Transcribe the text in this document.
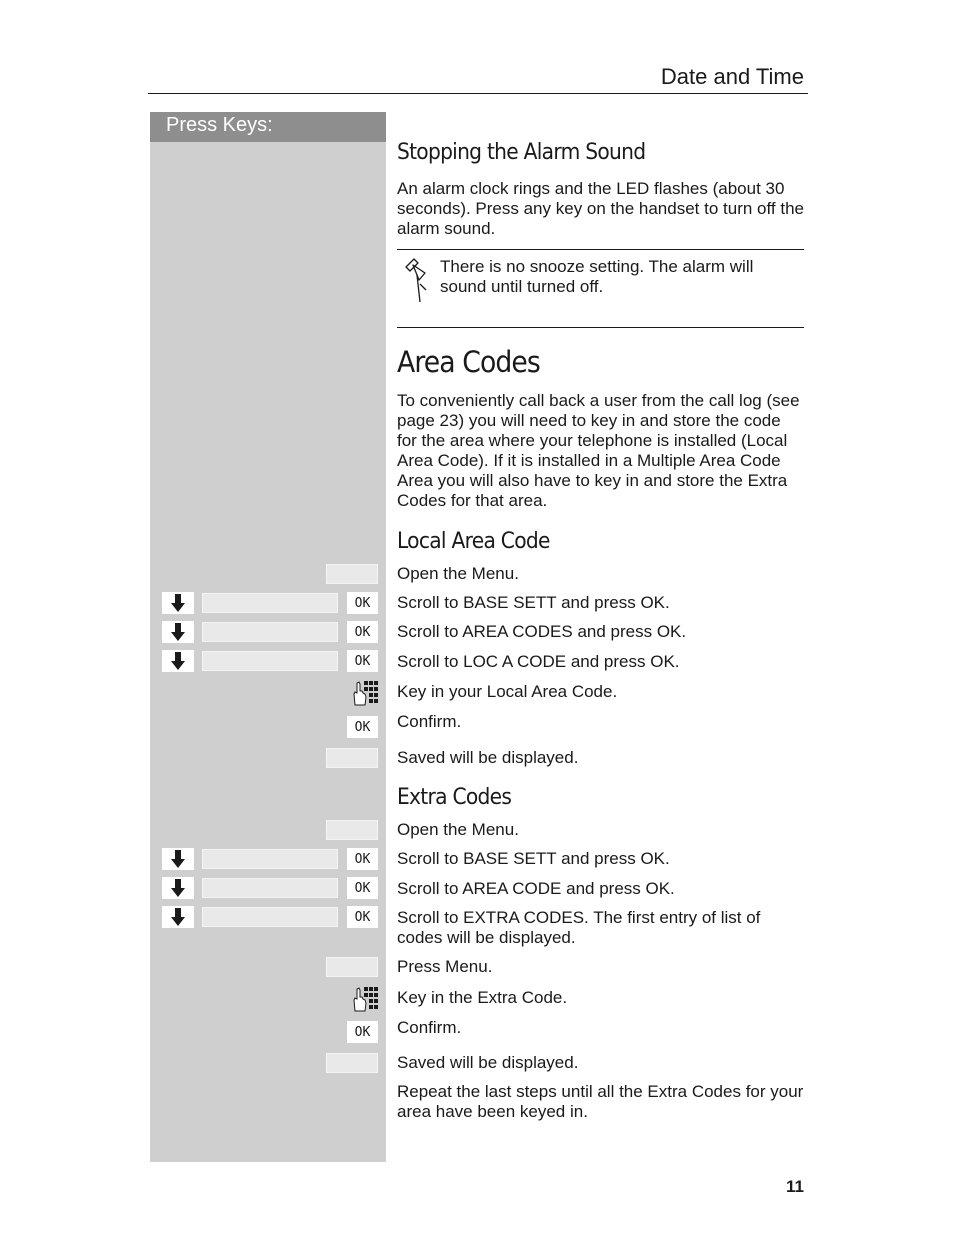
Date and Time
Press Keys:
Stopping the Alarm Sound
An alarm clock rings and the LED flashes (about 30 seconds). Press any key on the handset to turn off the alarm sound.
There is no snooze setting. The alarm will sound until turned off.
Area Codes
To conveniently call back a user from the call log (see page 23) you will need to key in and store the code for the area where your telephone is installed (Local Area Code). If it is installed in a Multiple Area Code Area you will also have to key in and store the Extra Codes for that area.
Local Area Code
Open the Menu.
OK	Scroll to BASE SETT and press OK.
OK	Scroll to AREA CODES and press OK.
OK	Scroll to LOC A CODE and press OK.
Key in your Local Area Code.
OK	Confirm.
Saved will be displayed.
Extra Codes
Open the Menu.
OK	Scroll to BASE SETT and press OK.
OK	Scroll to AREA CODE and press OK.
OK	Scroll to EXTRA CODES. The first entry of list of codes will be displayed.
Press Menu.
Key in the Extra Code.
OK	Confirm.
Saved will be displayed.
Repeat the last steps until all the Extra Codes for your area have been keyed in.
11
